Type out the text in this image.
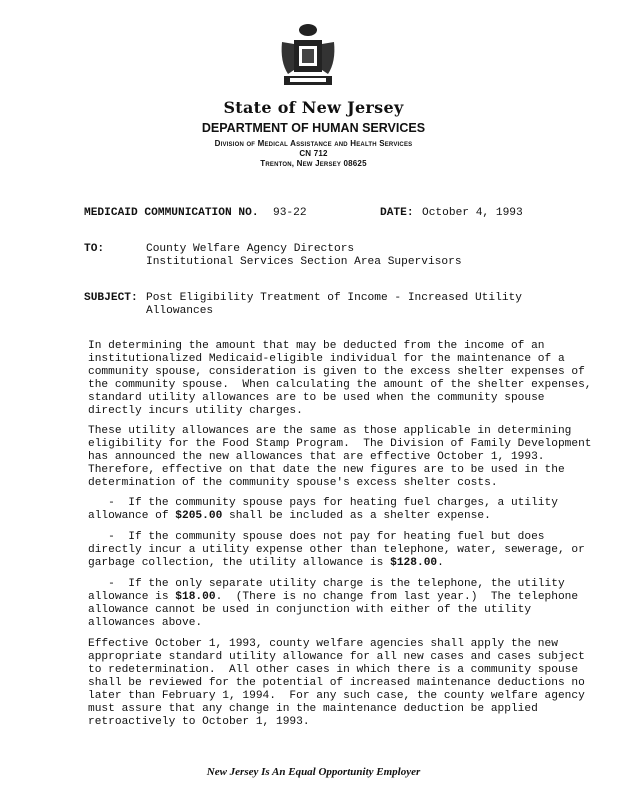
State of New Jersey
DEPARTMENT OF HUMAN SERVICES
Division of Medical Assistance and Health Services
CN 712
Trenton, New Jersey 08625
MEDICAID COMMUNICATION NO. 93-22	DATE: October 4, 1993
TO:	County Welfare Agency Directors
Institutional Services Section Area Supervisors
SUBJECT: Post Eligibility Treatment of Income - Increased Utility
Allowances
In determining the amount that may be deducted from the income of an
institutionalized Medicaid-eligible individual for the maintenance of a
community spouse, consideration is given to the excess shelter expenses of
the community spouse.  When calculating the amount of the shelter expenses,
standard utility allowances are to be used when the community spouse
directly incurs utility charges.
These utility allowances are the same as those applicable in determining
eligibility for the Food Stamp Program.  The Division of Family Development
has announced the new allowances that are effective October 1, 1993.
Therefore, effective on that date the new figures are to be used in the
determination of the community spouse's excess shelter costs.
-  If the community spouse pays for heating fuel charges, a utility
allowance of $205.00 shall be included as a shelter expense.
-  If the community spouse does not pay for heating fuel but does
directly incur a utility expense other than telephone, water, sewerage, or
garbage collection, the utility allowance is $128.00.
-  If the only separate utility charge is the telephone, the utility
allowance is $18.00.  (There is no change from last year.)  The telephone
allowance cannot be used in conjunction with either of the utility
allowances above.
Effective October 1, 1993, county welfare agencies shall apply the new
appropriate standard utility allowance for all new cases and cases subject
to redetermination.  All other cases in which there is a community spouse
shall be reviewed for the potential of increased maintenance deductions no
later than February 1, 1994.  For any such case, the county welfare agency
must assure that any change in the maintenance deduction be applied
retroactively to October 1, 1993.
New Jersey Is An Equal Opportunity Employer
